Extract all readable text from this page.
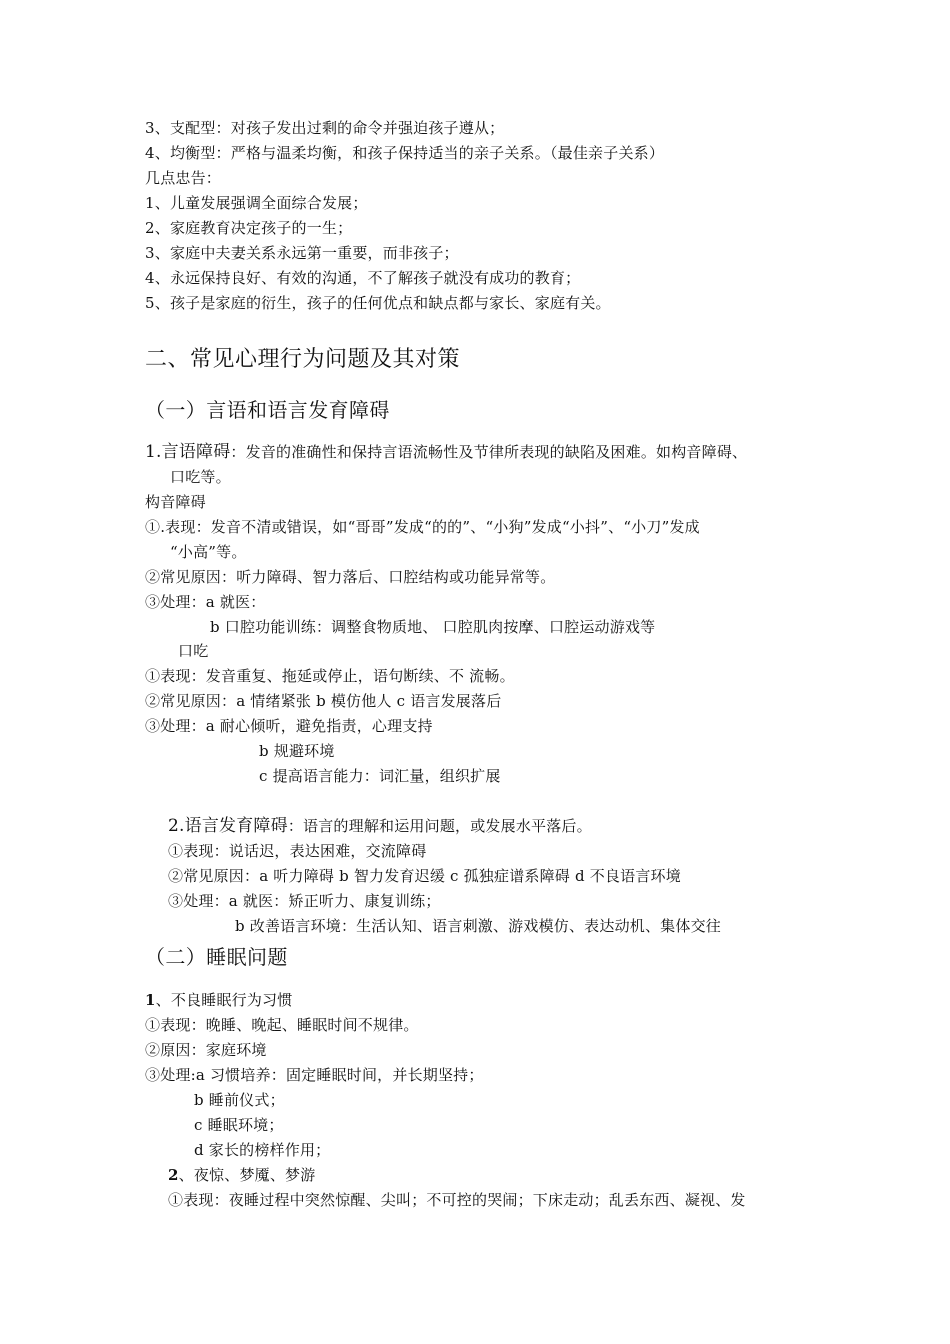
3、支配型：对孩子发出过剩的命令并强迫孩子遵从；
4、均衡型：严格与温柔均衡，和孩子保持适当的亲子关系。（最佳亲子关系）
几点忠告：
1、儿童发展强调全面综合发展；
2、家庭教育决定孩子的一生；
3、家庭中夫妻关系永远第一重要，而非孩子；
4、永远保持良好、有效的沟通，不了解孩子就没有成功的教育；
5、孩子是家庭的衍生，孩子的任何优点和缺点都与家长、家庭有关。
二、常见心理行为问题及其对策
（一）言语和语言发育障碍
1.言语障碍：发音的准确性和保持言语流畅性及节律所表现的缺陷及困难。如构音障碍、
口吃等。
构音障碍
①.表现：发音不清或错误，如“哥哥”发成“的的”、“小狗”发成“小抖”、“小刀”发成
“小高”等。
②常见原因：听力障碍、智力落后、口腔结构或功能异常等。
③处理：a 就医：
b 口腔功能训练：调整食物质地、 口腔肌肉按摩、口腔运动游戏等
口吃
①表现：发音重复、拖延或停止，语句断续、不 流畅。
②常见原因：a 情绪紧张 b 模仿他人 c 语言发展落后
③处理：a 耐心倾听，避免指责，心理支持
b 规避环境
c 提高语言能力：词汇量，组织扩展
2.语言发育障碍：语言的理解和运用问题，或发展水平落后。
①表现：说话迟，表达困难，交流障碍
②常见原因：a 听力障碍 b 智力发育迟缓 c 孤独症谱系障碍 d 不良语言环境
③处理：a 就医：矫正听力、康复训练；
b 改善语言环境：生活认知、语言刺激、游戏模仿、表达动机、集体交往
（二）睡眠问题
1、不良睡眠行为习惯
①表现：晚睡、晚起、睡眠时间不规律。
②原因：家庭环境
③处理:a 习惯培养：固定睡眠时间，并长期坚持；
b 睡前仪式；
c 睡眠环境；
d 家长的榜样作用；
2、夜惊、梦魇、梦游
①表现：夜睡过程中突然惊醒、尖叫；不可控的哭闹；下床走动；乱丢东西、凝视、发
